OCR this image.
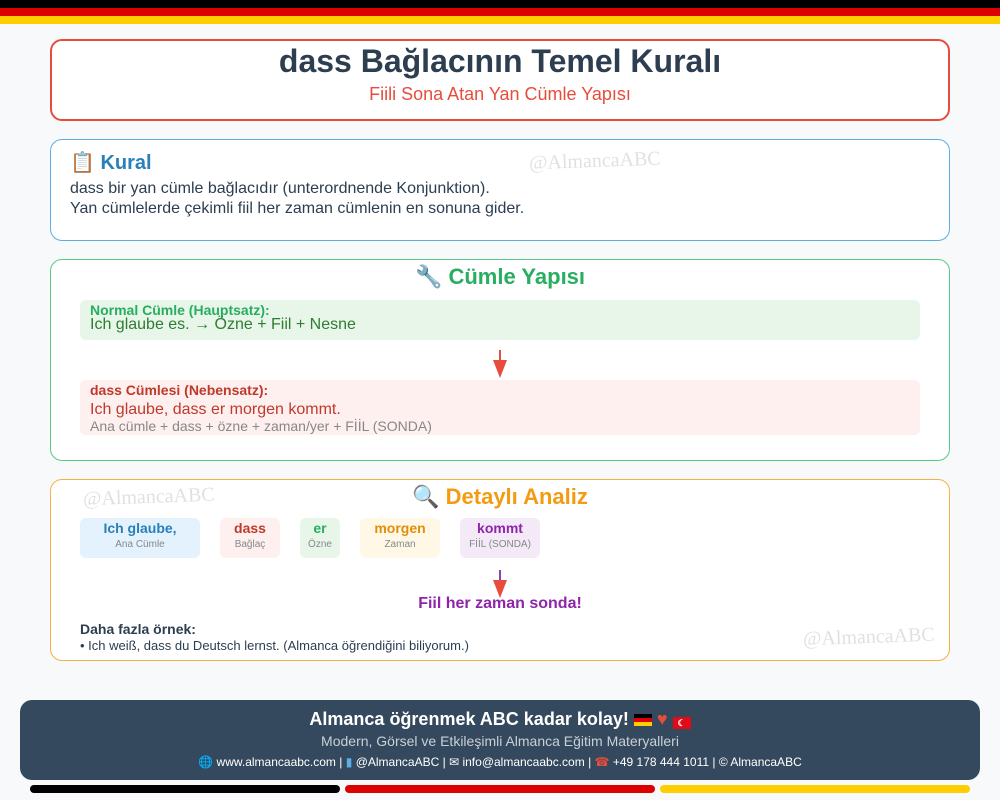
dass Bağlacının Temel Kuralı
Fiili Sona Atan Yan Cümle Yapısı
@AlmancaABC
📋 Kural
dass bir yan cümle bağlacıdır (unterordnende Konjunktion).
Yan cümlelerde çekimli fiil her zaman cümlenin en sonuna gider.
🔧 Cümle Yapısı
Normal Cümle (Hauptsatz):
Ich glaube es. → Özne + Fiil + Nesne
dass Cümlesi (Nebensatz):
Ich glaube, dass er morgen kommt.
Ana cümle + dass + özne + zaman/yer + FİİL (SONDA)
@AlmancaABC
@AlmancaABC
🔍 Detaylı Analiz
Ich glaube,
Ana Cümle
dass
Bağlaç
er
Özne
morgen
Zaman
kommt
FİİL (SONDA)
Fiil her zaman sonda!
Daha fazla örnek:
• Ich weiß, dass du Deutsch lernst. (Almanca öğrendiğini biliyorum.)
Almanca öğrenmek ABC kadar kolay! ♥ ☾
Modern, Görsel ve Etkileşimli Almanca Eğitim Materyalleri
🌐 www.almancaabc.com | ▮ @AlmancaABC | ✉ info@almancaabc.com | ☎ +49 178 444 1011 | © AlmancaABC
